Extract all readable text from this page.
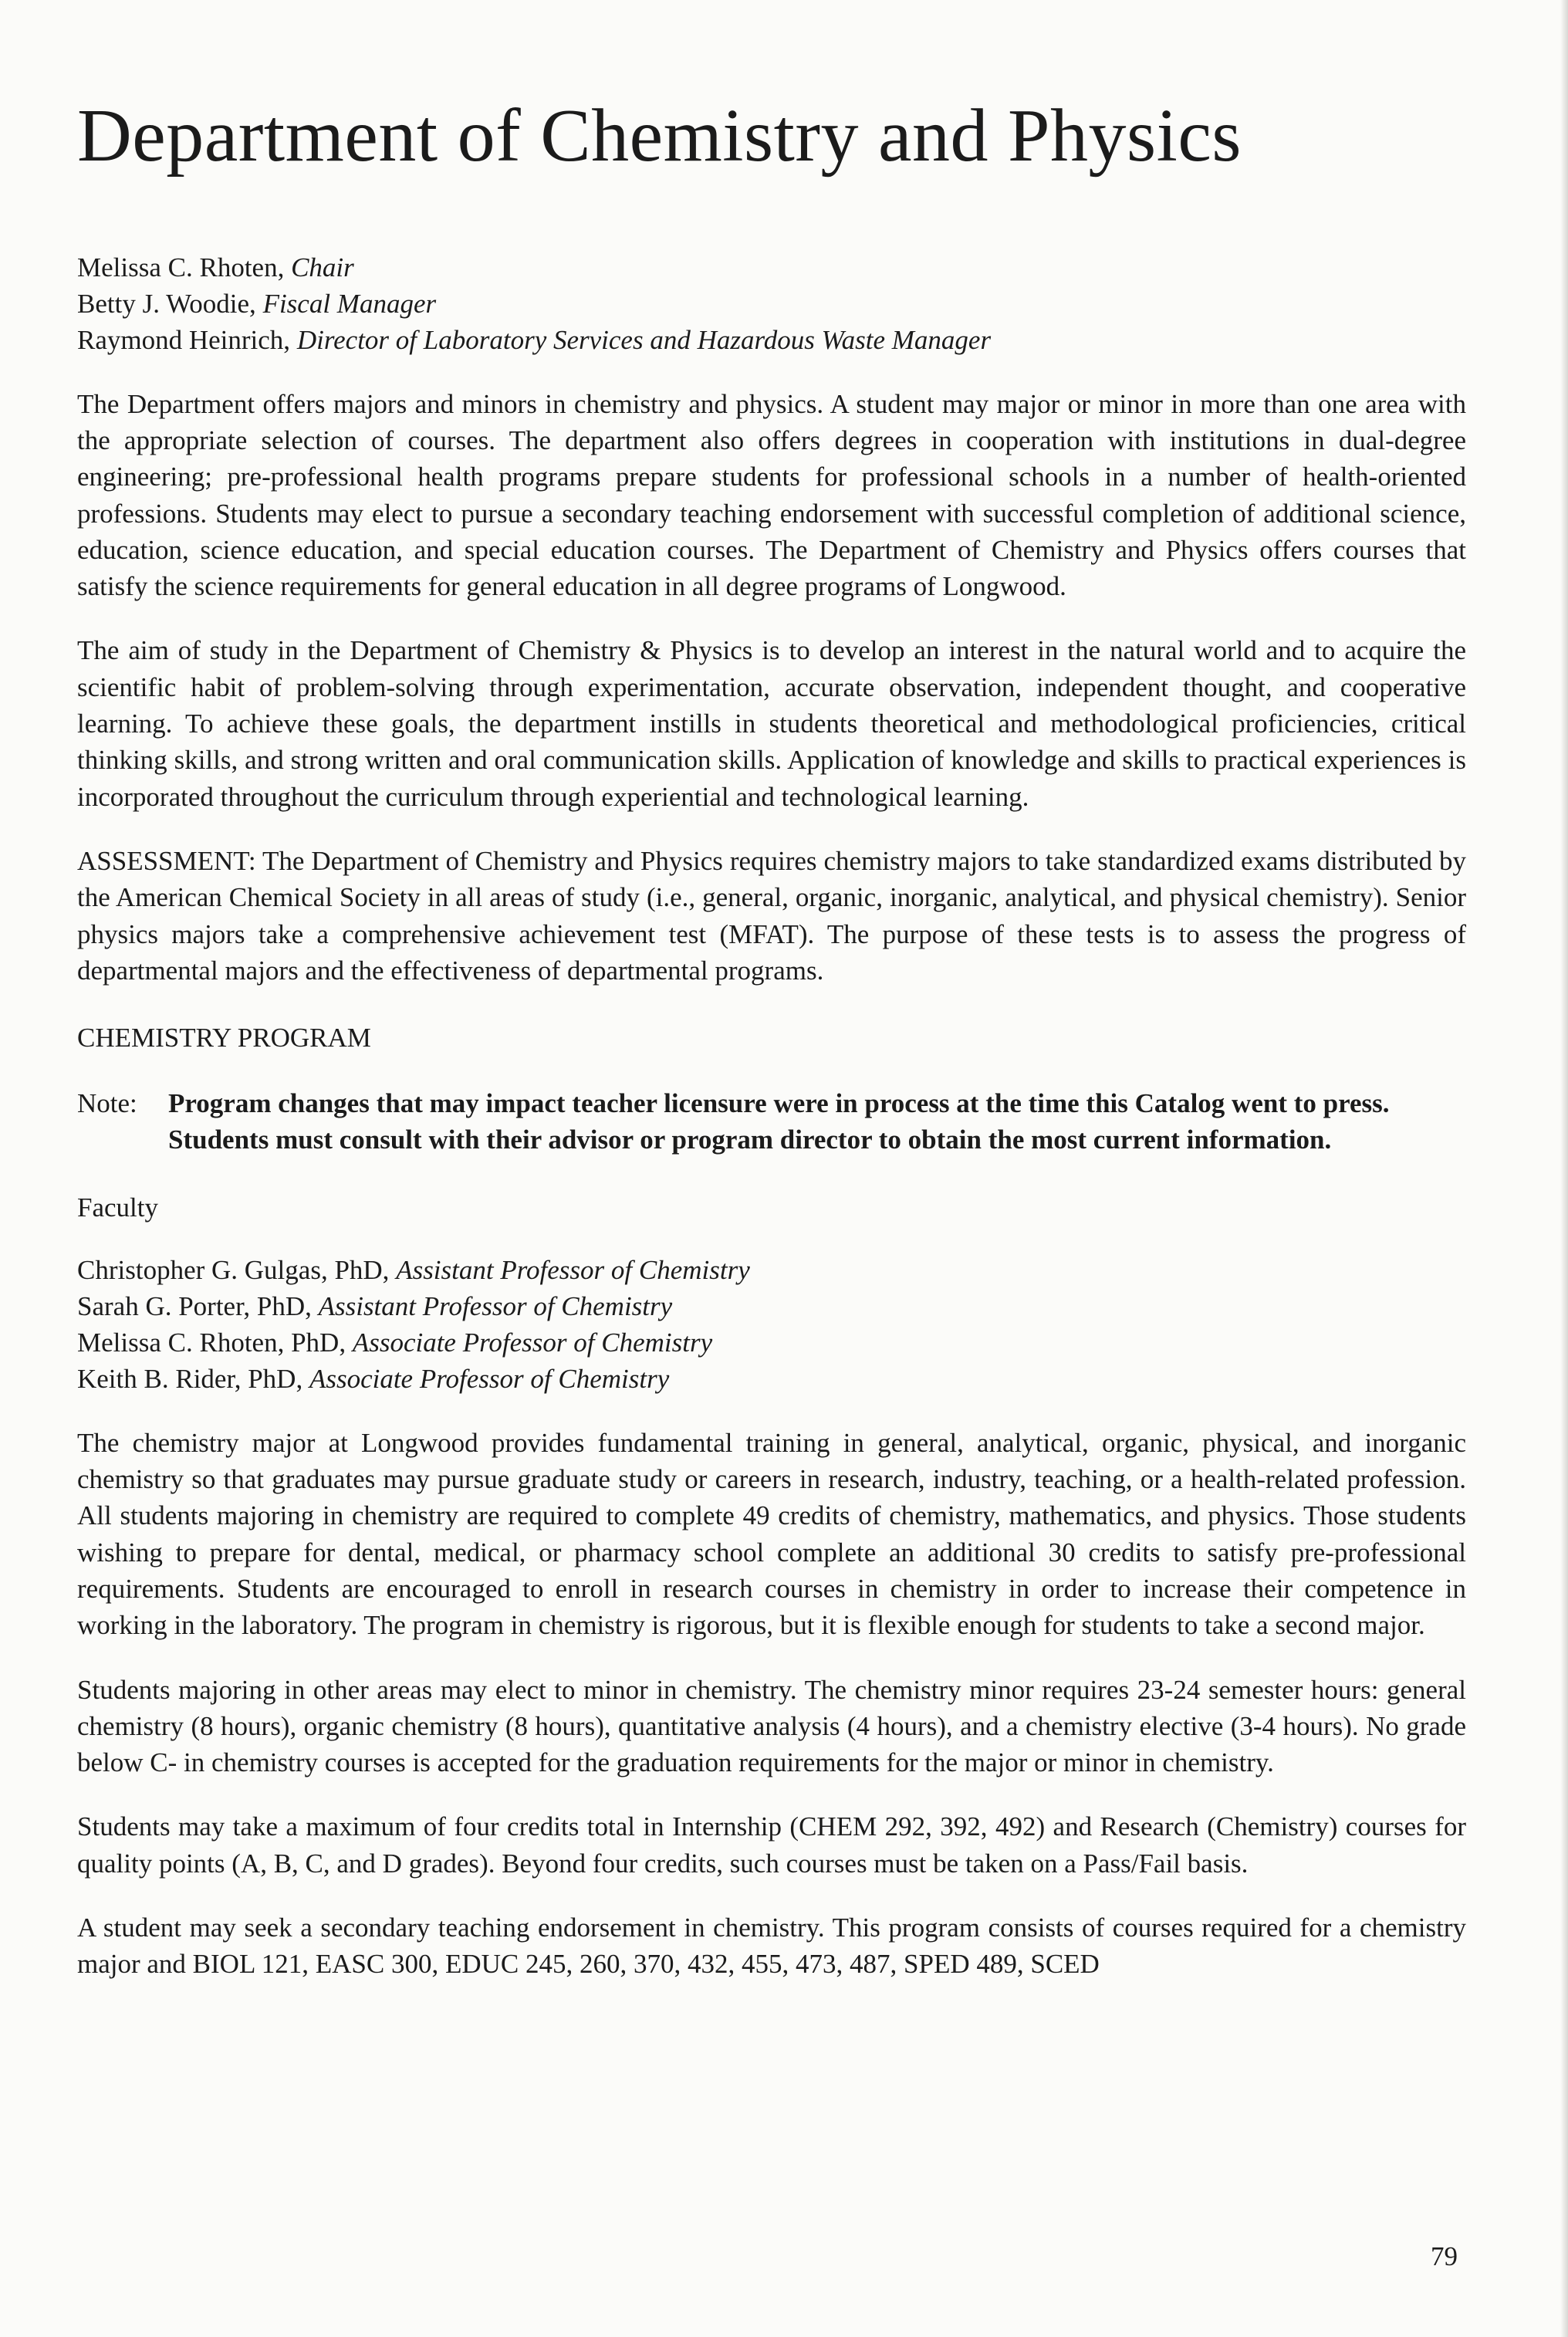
Department of Chemistry and Physics
Melissa C. Rhoten, Chair
Betty J. Woodie, Fiscal Manager
Raymond Heinrich, Director of Laboratory Services and Hazardous Waste Manager

The Department offers majors and minors in chemistry and physics. A student may major or minor in more than one area with the appropriate selection of courses. The department also offers degrees in cooperation with institutions in dual-degree engineering; pre-professional health programs prepare students for professional schools in a number of health-oriented professions. Students may elect to pursue a secondary teaching endorsement with successful completion of additional science, education, science education, and special education courses. The Department of Chemistry and Physics offers courses that satisfy the science requirements for general education in all degree programs of Longwood.

The aim of study in the Department of Chemistry & Physics is to develop an interest in the natural world and to acquire the scientific habit of problem-solving through experimentation, accurate observation, independent thought, and cooperative learning. To achieve these goals, the department instills in students theoretical and methodological proficiencies, critical thinking skills, and strong written and oral communication skills. Application of knowledge and skills to practical experiences is incorporated throughout the curriculum through experiential and technological learning.

ASSESSMENT: The Department of Chemistry and Physics requires chemistry majors to take standardized exams distributed by the American Chemical Society in all areas of study (i.e., general, organic, inorganic, analytical, and physical chemistry). Senior physics majors take a comprehensive achievement test (MFAT). The purpose of these tests is to assess the progress of departmental majors and the effectiveness of departmental programs.

CHEMISTRY PROGRAM
Note:	Program changes that may impact teacher licensure were in process at the time this Catalog went to press. Students must consult with their advisor or program director to obtain the most current information.
Faculty
Christopher G. Gulgas, PhD, Assistant Professor of Chemistry
Sarah G. Porter, PhD, Assistant Professor of Chemistry
Melissa C. Rhoten, PhD, Associate Professor of Chemistry
Keith B. Rider, PhD, Associate Professor of Chemistry

The chemistry major at Longwood provides fundamental training in general, analytical, organic, physical, and inorganic chemistry so that graduates may pursue graduate study or careers in research, industry, teaching, or a health-related profession. All students majoring in chemistry are required to complete 49 credits of chemistry, mathematics, and physics. Those students wishing to prepare for dental, medical, or pharmacy school complete an additional 30 credits to satisfy pre-professional requirements. Students are encouraged to enroll in research courses in chemistry in order to increase their competence in working in the laboratory. The program in chemistry is rigorous, but it is flexible enough for students to take a second major.

Students majoring in other areas may elect to minor in chemistry. The chemistry minor requires 23-24 semester hours: general chemistry (8 hours), organic chemistry (8 hours), quantitative analysis (4 hours), and a chemistry elective (3-4 hours). No grade below C- in chemistry courses is accepted for the graduation requirements for the major or minor in chemistry.

Students may take a maximum of four credits total in Internship (CHEM 292, 392, 492) and Research (Chemistry) courses for quality points (A, B, C, and D grades). Beyond four credits, such courses must be taken on a Pass/Fail basis.

A student may seek a secondary teaching endorsement in chemistry. This program consists of courses required for a chemistry major and BIOL 121, EASC 300, EDUC 245, 260, 370, 432, 455, 473, 487, SPED 489, SCED

79
